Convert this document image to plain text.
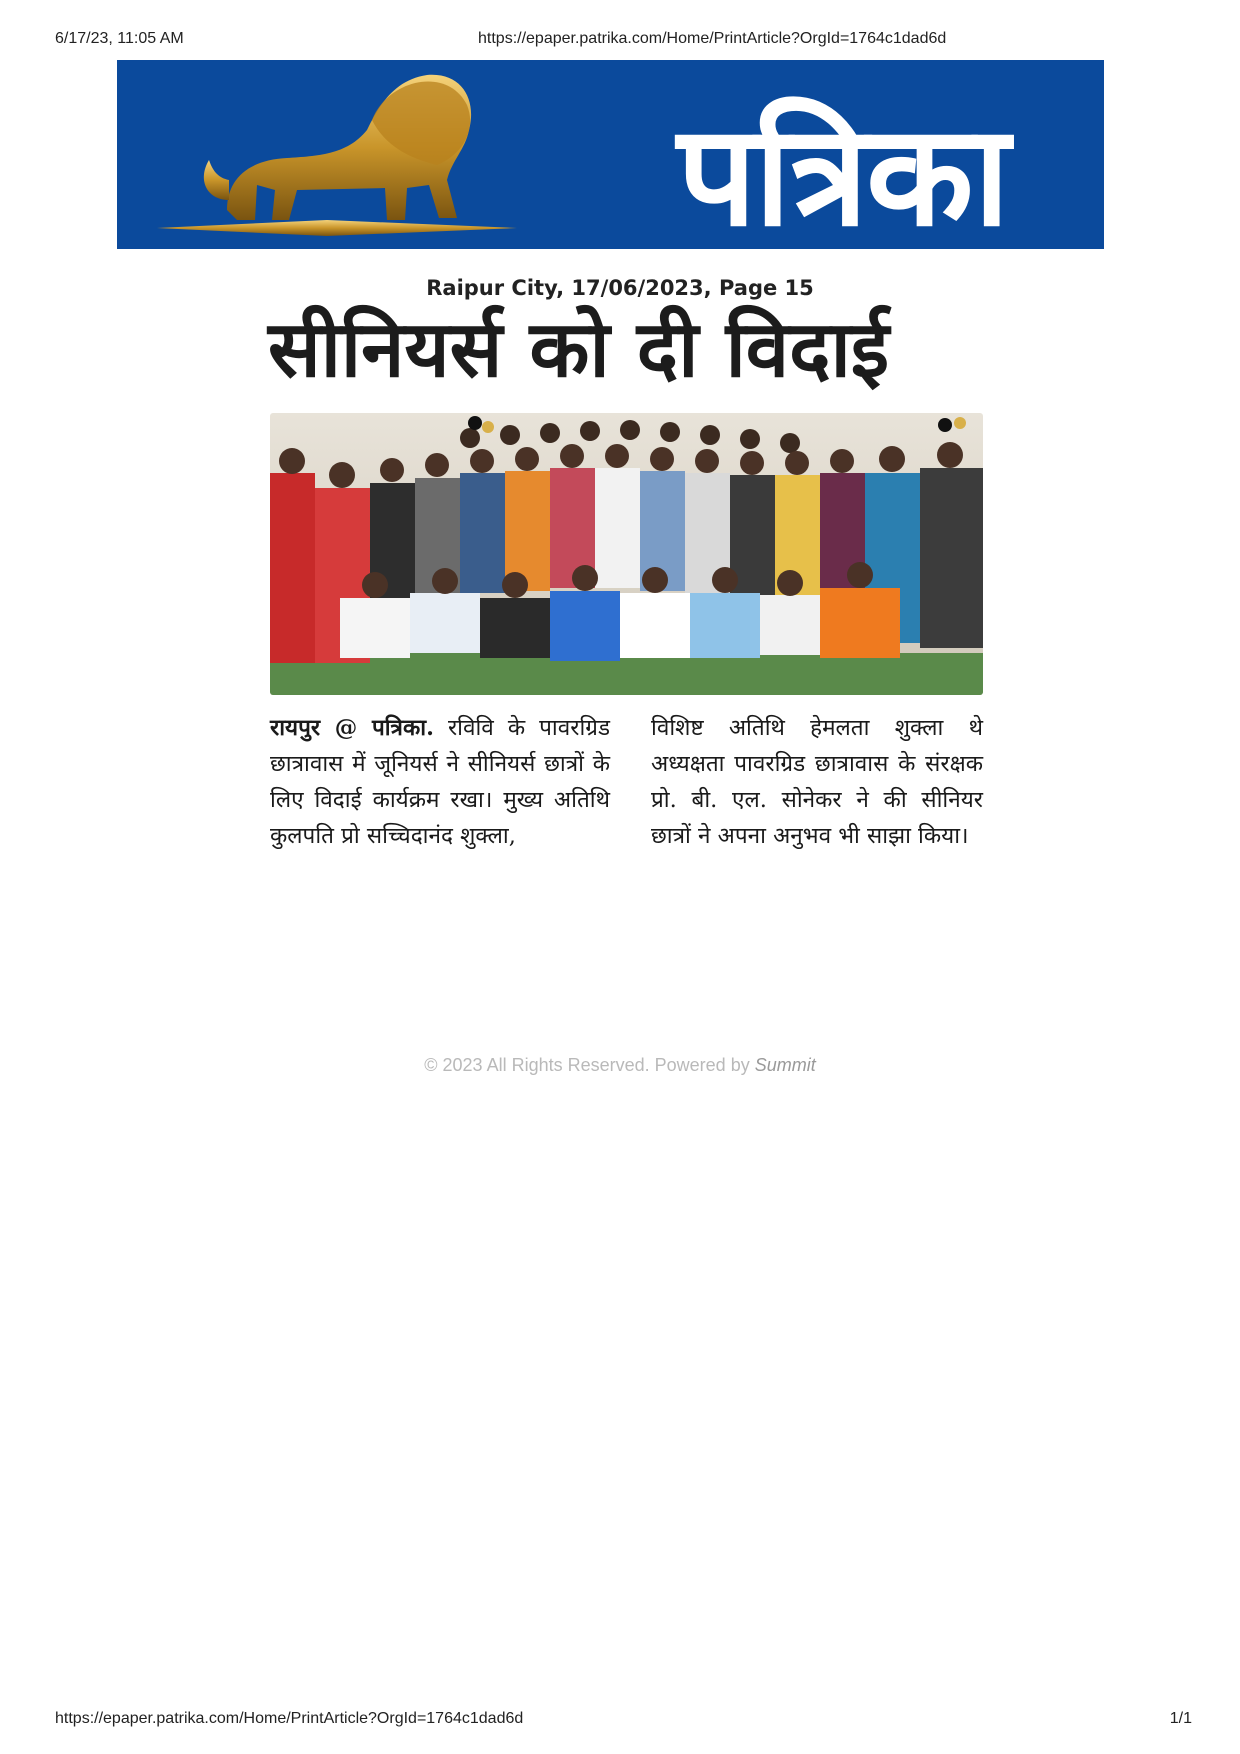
6/17/23, 11:05 AM	https://epaper.patrika.com/Home/PrintArticle?OrgId=1764c1dad6d
पत्रिका
Raipur City, 17/06/2023, Page 15
सीनियर्स को दी विदाई
रायपुर @ पत्रिका. रविवि के पावरग्रिड छात्रावास में जूनियर्स ने सीनियर्स छात्रों के लिए विदाई कार्यक्रम रखा। मुख्य अतिथि कुलपति प्रो सच्चिदानंद शुक्ला,
विशिष्ट अतिथि हेमलता शुक्ला थे अध्यक्षता पावरग्रिड छात्रावास के संरक्षक प्रो. बी. एल. सोनेकर ने की सीनियर छात्रों ने अपना अनुभव भी साझा किया।
© 2023 All Rights Reserved. Powered by Summit
https://epaper.patrika.com/Home/PrintArticle?OrgId=1764c1dad6d	1/1
